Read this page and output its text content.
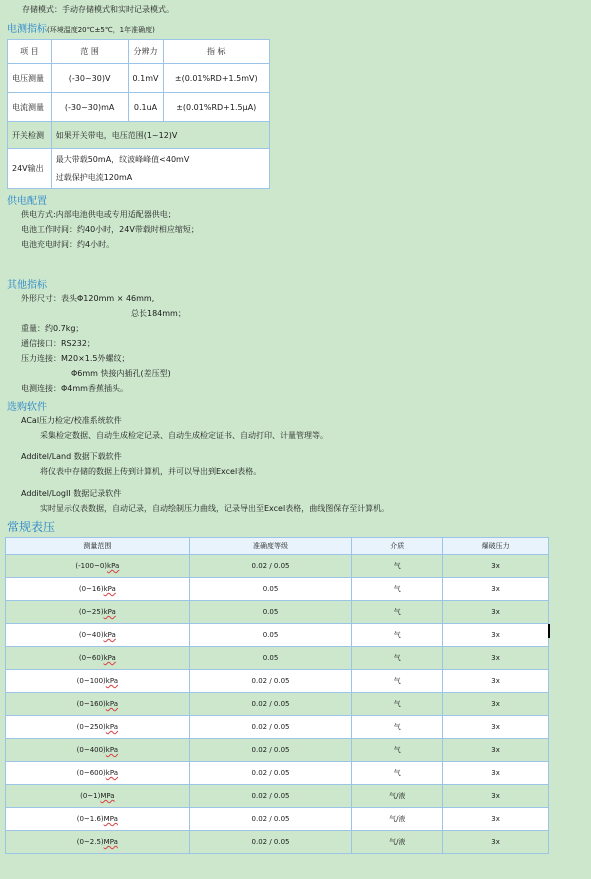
存储模式：手动存储模式和实时记录模式。
电测指标(环境温度20℃±5℃，1年准确度)
项 目	范 围	分辨力	指 标
电压测量	(-30~30)V	0.1mV	±(0.01%RD+1.5mV)
电流测量	(-30~30)mA	0.1uA	±(0.01%RD+1.5μA)
开关检测	如果开关带电，电压范围(1~12)V		
24V输出	最大带载50mA，纹波峰峰值<40mV
过载保护电流120mA		
供电配置
供电方式:内部电池供电或专用适配器供电；
电池工作时间：约40小时，24V带载时相应缩短；
电池充电时间：约4小时。
其他指标
外形尺寸：表头Φ120mm × 46mm,
总长184mm；
重量：约0.7kg；
通信接口：RS232；
压力连接：M20×1.5外螺纹；
Φ6mm 快接内插孔(差压型)
电测连接：Φ4mm香蕉插头。
选购软件
ACal压力检定/校准系统软件
采集检定数据、自动生成检定记录、自动生成检定证书、自动打印、计量管理等。
Additel/Land 数据下载软件
将仪表中存储的数据上传到计算机，并可以导出到Excel表格。
Additel/LogII 数据记录软件
实时显示仪表数据，自动记录，自动绘制压力曲线，记录导出至Excel表格，曲线图保存至计算机。
常规表压
测量范围	准确度等级	介质	爆破压力
(-100~0)kPa	0.02 / 0.05	气	3x
(0~16)kPa	0.05	气	3x
(0~25)kPa	0.05	气	3x
(0~40)kPa	0.05	气	3x
(0~60)kPa	0.05	气	3x
(0~100)kPa	0.02 / 0.05	气	3x
(0~160)kPa	0.02 / 0.05	气	3x
(0~250)kPa	0.02 / 0.05	气	3x
(0~400)kPa	0.02 / 0.05	气	3x
(0~600)kPa	0.02 / 0.05	气	3x
(0~1)MPa	0.02 / 0.05	气/液	3x
(0~1.6)MPa	0.02 / 0.05	气/液	3x
(0~2.5)MPa	0.02 / 0.05	气/液	3x
